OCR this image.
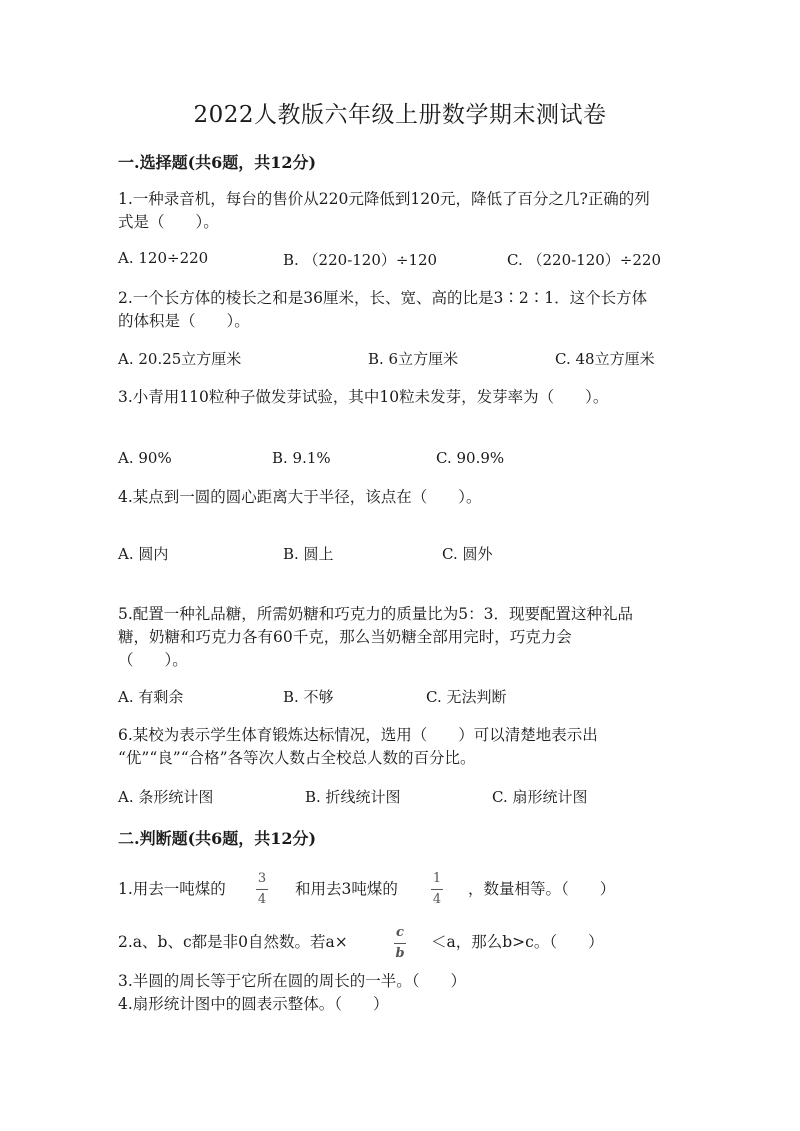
2022人教版六年级上册数学期末测试卷
一.选择题(共6题，共12分)
1.一种录音机，每台的售价从220元降低到120元，降低了百分之几?正确的列
式是（　　）。
A. 120÷220	B. （220-120）÷120	C. （220-120）÷220
2.一个长方体的棱长之和是36厘米，长、宽、高的比是3∶2∶1．这个长方体
的体积是（　　）。
A. 20.25立方厘米	B. 6立方厘米	C. 48立方厘米
3.小青用110粒种子做发芽试验，其中10粒未发芽，发芽率为（　　）。
A. 90%	B. 9.1%	C. 90.9%
4.某点到一圆的圆心距离大于半径，该点在（　　）。
A. 圆内	B. 圆上	C. 圆外
5.配置一种礼品糖，所需奶糖和巧克力的质量比为5：3．现要配置这种礼品
糖，奶糖和巧克力各有60千克，那么当奶糖全部用完时，巧克力会
（　　）。
A. 有剩余	B. 不够	C. 无法判断
6.某校为表示学生体育锻炼达标情况，选用（　　）可以清楚地表示出
“优”“良”“合格”各等次人数占全校总人数的百分比。
A. 条形统计图	B. 折线统计图	C. 扇形统计图
二.判断题(共6题，共12分)
1.用去一吨煤的
3
4
和用去3吨煤的
1
4
，数量相等。（　　）
2.a、b、c都是非0自然数。若a×
c
b
＜a，那么b>c。（　　）
3.半圆的周长等于它所在圆的周长的一半。（　　）
4.扇形统计图中的圆表示整体。（　　）
